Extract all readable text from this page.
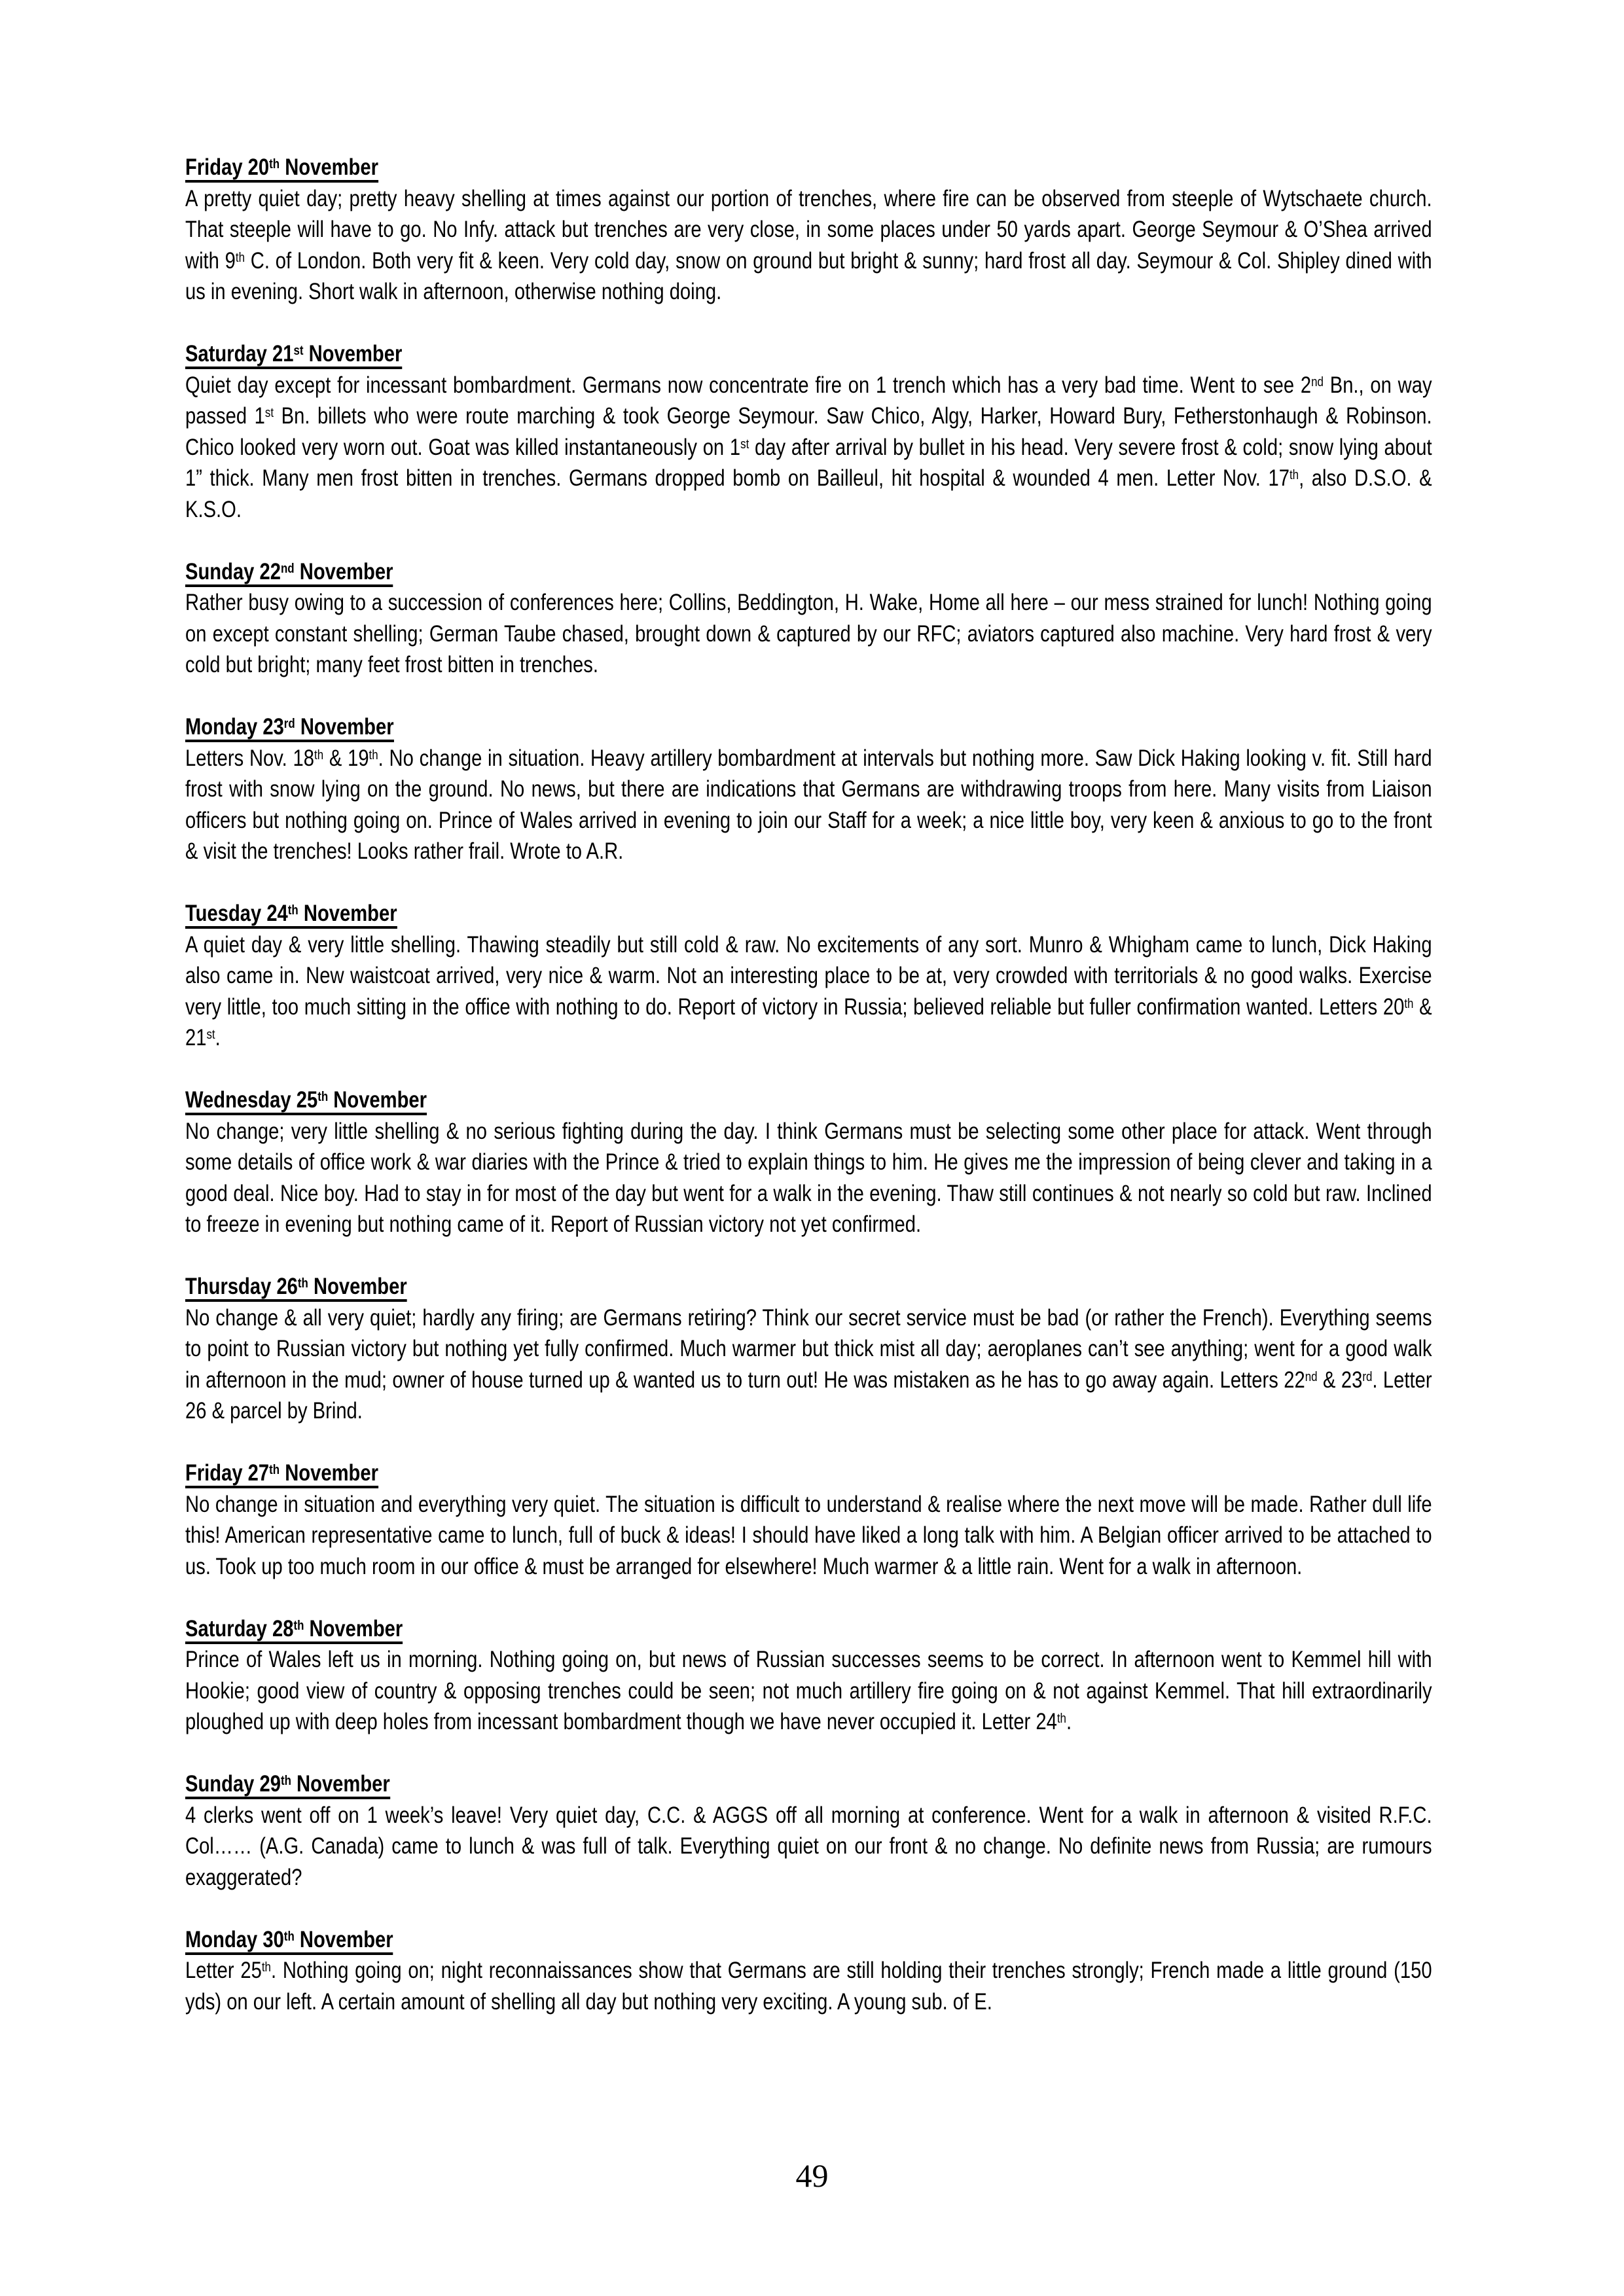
Friday 20th November

A pretty quiet day; pretty heavy shelling at times against our portion of trenches, where fire can be observed from steeple of Wytschaete church. That steeple will have to go. No Infy. attack but trenches are very close, in some places under 50 yards apart. George Seymour & O’Shea arrived with 9th C. of London. Both very fit & keen. Very cold day, snow on ground but bright & sunny; hard frost all day. Seymour & Col. Shipley dined with us in evening. Short walk in afternoon, otherwise nothing doing.

Saturday 21st November

Quiet day except for incessant bombardment. Germans now concentrate fire on 1 trench which has a very bad time. Went to see 2nd Bn., on way passed 1st Bn. billets who were route marching & took George Seymour. Saw Chico, Algy, Harker, Howard Bury, Fetherstonhaugh & Robinson. Chico looked very worn out. Goat was killed instantaneously on 1st day after arrival by bullet in his head. Very severe frost & cold; snow lying about 1” thick. Many men frost bitten in trenches. Germans dropped bomb on Bailleul, hit hospital & wounded 4 men. Letter Nov. 17th, also D.S.O. & K.S.O.

Sunday 22nd November

Rather busy owing to a succession of conferences here; Collins, Beddington, H. Wake, Home all here – our mess strained for lunch! Nothing going on except constant shelling; German Taube chased, brought down & captured by our RFC; aviators captured also machine. Very hard frost & very cold but bright; many feet frost bitten in trenches.

Monday 23rd November

Letters Nov. 18th & 19th. No change in situation. Heavy artillery bombardment at intervals but nothing more. Saw Dick Haking looking v. fit. Still hard frost with snow lying on the ground. No news, but there are indications that Germans are withdrawing troops from here. Many visits from Liaison officers but nothing going on. Prince of Wales arrived in evening to join our Staff for a week; a nice little boy, very keen & anxious to go to the front & visit the trenches! Looks rather frail. Wrote to A.R.

Tuesday 24th November

A quiet day & very little shelling. Thawing steadily but still cold & raw. No excitements of any sort. Munro & Whigham came to lunch, Dick Haking also came in. New waistcoat arrived, very nice & warm. Not an interesting place to be at, very crowded with territorials & no good walks. Exercise very little, too much sitting in the office with nothing to do. Report of victory in Russia; believed reliable but fuller confirmation wanted. Letters 20th & 21st.

Wednesday 25th November

No change; very little shelling & no serious fighting during the day. I think Germans must be selecting some other place for attack. Went through some details of office work & war diaries with the Prince & tried to explain things to him. He gives me the impression of being clever and taking in a good deal. Nice boy. Had to stay in for most of the day but went for a walk in the evening. Thaw still continues & not nearly so cold but raw. Inclined to freeze in evening but nothing came of it. Report of Russian victory not yet confirmed.

Thursday 26th November

No change & all very quiet; hardly any firing; are Germans retiring? Think our secret service must be bad (or rather the French). Everything seems to point to Russian victory but nothing yet fully confirmed. Much warmer but thick mist all day; aeroplanes can’t see anything; went for a good walk in afternoon in the mud; owner of house turned up & wanted us to turn out! He was mistaken as he has to go away again. Letters 22nd & 23rd. Letter 26 & parcel by Brind.

Friday 27th November

No change in situation and everything very quiet. The situation is difficult to understand & realise where the next move will be made. Rather dull life this! American representative came to lunch, full of buck & ideas! I should have liked a long talk with him. A Belgian officer arrived to be attached to us. Took up too much room in our office & must be arranged for elsewhere! Much warmer & a little rain. Went for a walk in afternoon.

Saturday 28th November

Prince of Wales left us in morning. Nothing going on, but news of Russian successes seems to be correct. In afternoon went to Kemmel hill with Hookie; good view of country & opposing trenches could be seen; not much artillery fire going on & not against Kemmel. That hill extraordinarily ploughed up with deep holes from incessant bombardment though we have never occupied it. Letter 24th.

Sunday 29th November

4 clerks went off on 1 week’s leave! Very quiet day, C.C. & AGGS off all morning at conference. Went for a walk in afternoon & visited R.F.C. Col…… (A.G. Canada) came to lunch & was full of talk. Everything quiet on our front & no change. No definite news from Russia; are rumours exaggerated?

Monday 30th November

Letter 25th. Nothing going on; night reconnaissances show that Germans are still holding their trenches strongly; French made a little ground (150 yds) on our left. A certain amount of shelling all day but nothing very exciting. A young sub. of E.

49
